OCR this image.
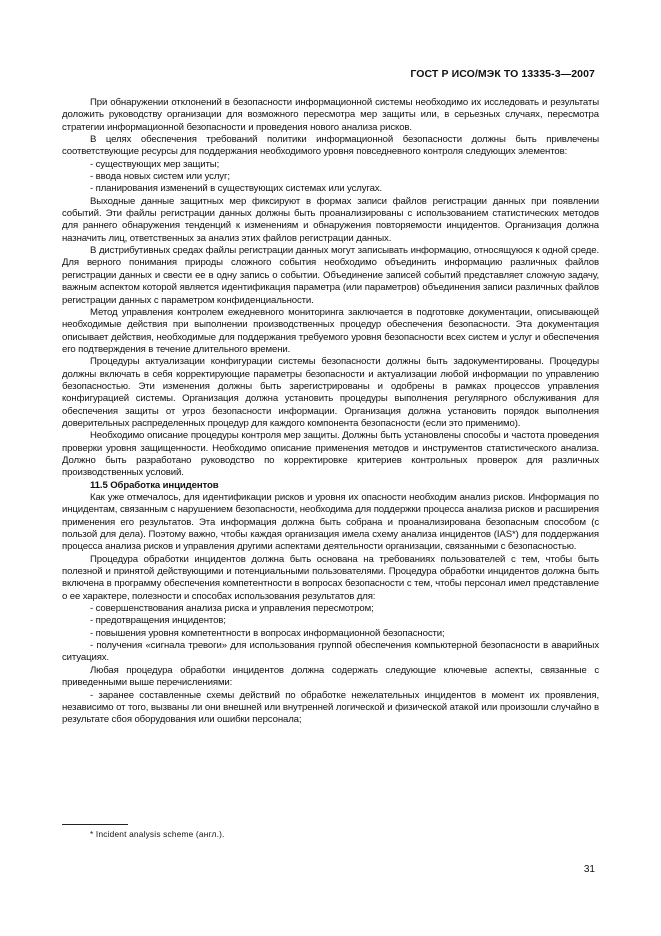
ГОСТ Р ИСО/МЭК ТО 13335-3—2007

При обнаружении отклонений в безопасности информационной системы необходимо их исследовать и результаты доложить руководству организации для возможного пересмотра мер защиты или, в серьезных случаях, пересмотра стратегии информационной безопасности и проведения нового анализа рисков.

В целях обеспечения требований политики информационной безопасности должны быть привлечены соответствующие ресурсы для поддержания необходимого уровня повседневного контроля следующих элементов:

- существующих мер защиты;

- ввода новых систем или услуг;

- планирования изменений в существующих системах или услугах.

Выходные данные защитных мер фиксируют в формах записи файлов регистрации данных при появлении событий. Эти файлы регистрации данных должны быть проанализированы с использованием статистических методов для раннего обнаружения тенденций к изменениям и обнаружения повторяемости инцидентов. Организация должна назначить лиц, ответственных за анализ этих файлов регистрации данных.

В дистрибутивных средах файлы регистрации данных могут записывать информацию, относящуюся к одной среде. Для верного понимания природы сложного события необходимо объединить информацию различных файлов регистрации данных и свести ее в одну запись о событии. Объединение записей событий представляет сложную задачу, важным аспектом которой является идентификация параметра (или параметров) объединения записи различных файлов регистрации данных с параметром конфиденциальности.

Метод управления контролем ежедневного мониторинга заключается в подготовке документации, описывающей необходимые действия при выполнении производственных процедур обеспечения безопасности. Эта документация описывает действия, необходимые для поддержания требуемого уровня безопасности всех систем и услуг и обеспечения его подтверждения в течение длительного времени.

Процедуры актуализации конфигурации системы безопасности должны быть задокументированы. Процедуры должны включать в себя корректирующие параметры безопасности и актуализации любой информации по управлению безопасностью. Эти изменения должны быть зарегистрированы и одобрены в рамках процессов управления конфигурацией системы. Организация должна установить процедуры выполнения регулярного обслуживания для обеспечения защиты от угроз безопасности информации. Организация должна установить порядок выполнения доверительных распределенных процедур для каждого компонента безопасности (если это применимо).

Необходимо описание процедуры контроля мер защиты. Должны быть установлены способы и частота проведения проверки уровня защищенности. Необходимо описание применения методов и инструментов статистического анализа. Должно быть разработано руководство по корректировке критериев контрольных проверок для различных производственных условий.

11.5 Обработка инцидентов

Как уже отмечалось, для идентификации рисков и уровня их опасности необходим анализ рисков. Информация по инцидентам, связанным с нарушением безопасности, необходима для поддержки процесса анализа рисков и расширения применения его результатов. Эта информация должна быть собрана и проанализирована безопасным способом (с пользой для дела). Поэтому важно, чтобы каждая организация имела схему анализа инцидентов (IAS*) для поддержания процесса анализа рисков и управления другими аспектами деятельности организации, связанными с безопасностью.

Процедура обработки инцидентов должна быть основана на требованиях пользователей с тем, чтобы быть полезной и принятой действующими и потенциальными пользователями. Процедура обработки инцидентов должна быть включена в программу обеспечения компетентности в вопросах безопасности с тем, чтобы персонал имел представление о ее характере, полезности и способах использования результатов для:

- совершенствования анализа риска и управления пересмотром;

- предотвращения инцидентов;

- повышения уровня компетентности в вопросах информационной безопасности;

- получения «сигнала тревоги» для использования группой обеспечения компьютерной безопасности в аварийных ситуациях.

Любая процедура обработки инцидентов должна содержать следующие ключевые аспекты, связанные с приведенными выше перечислениями:

- заранее составленные схемы действий по обработке нежелательных инцидентов в момент их проявления, независимо от того, вызваны ли они внешней или внутренней логической и физической атакой или произошли случайно в результате сбоя оборудования или ошибки персонала;

* Incident analysis scheme (англ.).
31
